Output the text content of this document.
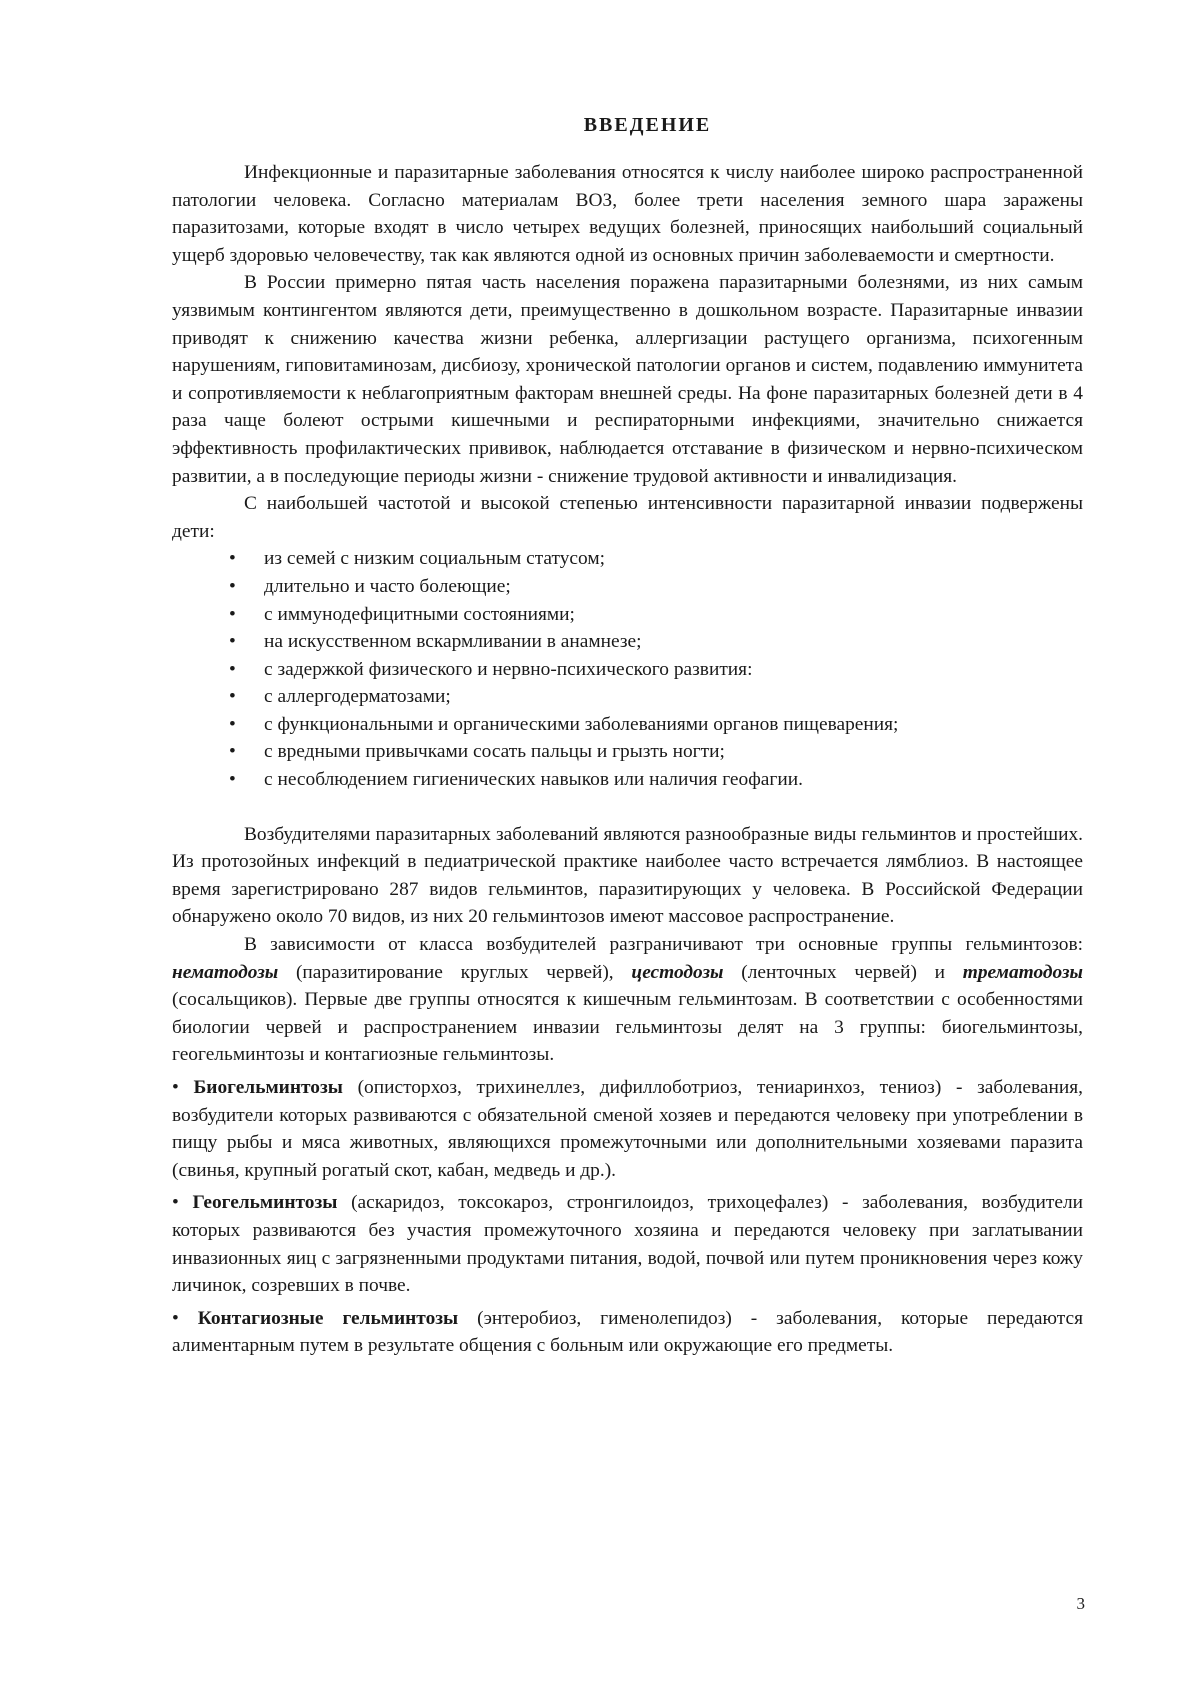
ВВЕДЕНИЕ

Инфекционные и паразитарные заболевания относятся к числу наиболее широко распространенной патологии человека. Согласно материалам ВОЗ, более трети населения земного шара заражены паразитозами, которые входят в число четырех ведущих болезней, приносящих наибольший социальный ущерб здоровью человечеству, так как являются одной из основных причин заболеваемости и смертности.

В России примерно пятая часть населения поражена паразитарными болезнями, из них самым уязвимым контингентом являются дети, преимущественно в дошкольном возрасте. Паразитарные инвазии приводят к снижению качества жизни ребенка, аллергизации растущего организма, психогенным нарушениям, гиповитаминозам, дисбиозу, хронической патологии органов и систем, подавлению иммунитета и сопротивляемости к неблагоприятным факторам внешней среды. На фоне паразитарных болезней дети в 4 раза чаще болеют острыми кишечными и респираторными инфекциями, значительно снижается эффективность профилактических прививок, наблюдается отставание в физическом и нервно-психическом развитии, а в последующие периоды жизни - снижение трудовой активности и инвалидизация.

С наибольшей частотой и высокой степенью интенсивности паразитарной инвазии подвержены дети:

• из семей с низким социальным статусом;
• длительно и часто болеющие;
• с иммунодефицитными состояниями;
• на искусственном вскармливании в анамнезе;
• с задержкой физического и нервно-психического развития:
• с аллергодерматозами;
• с функциональными и органическими заболеваниями органов пищеварения;
• с вредными привычками сосать пальцы и грызть ногти;
• с несоблюдением гигиенических навыков или наличия геофагии.

Возбудителями паразитарных заболеваний являются разнообразные виды гельминтов и простейших. Из протозойных инфекций в педиатрической практике наиболее часто встречается лямблиоз. В настоящее время зарегистрировано 287 видов гельминтов, паразитирующих у человека. В Российской Федерации обнаружено около 70 видов, из них 20 гельминтозов имеют массовое распространение.

В зависимости от класса возбудителей разграничивают три основные группы гельминтозов: нематодозы (паразитирование круглых червей), цестодозы (ленточных червей) и трематодозы (сосальщиков). Первые две группы относятся к кишечным гельминтозам. В соответствии с особенностями биологии червей и распространением инвазии гельминтозы делят на 3 группы: биогельминтозы, геогельминтозы и контагиозные гельминтозы.

• Биогельминтозы (описторхоз, трихинеллез, дифиллоботриоз, тениаринхоз, тениоз) - заболевания, возбудители которых развиваются с обязательной сменой хозяев и передаются человеку при употреблении в пищу рыбы и мяса животных, являющихся промежуточными или дополнительными хозяевами паразита (свинья, крупный рогатый скот, кабан, медведь и др.).

• Геогельминтозы (аскаридоз, токсокароз, стронгилоидоз, трихоцефалез) - заболевания, возбудители которых развиваются без участия промежуточного хозяина и передаются человеку при заглатывании инвазионных яиц с загрязненными продуктами питания, водой, почвой или путем проникновения через кожу личинок, созревших в почве.

• Контагиозные гельминтозы (энтеробиоз, гименолепидоз) - заболевания, которые передаются алиментарным путем в результате общения с больным или окружающие его предметы.

3
